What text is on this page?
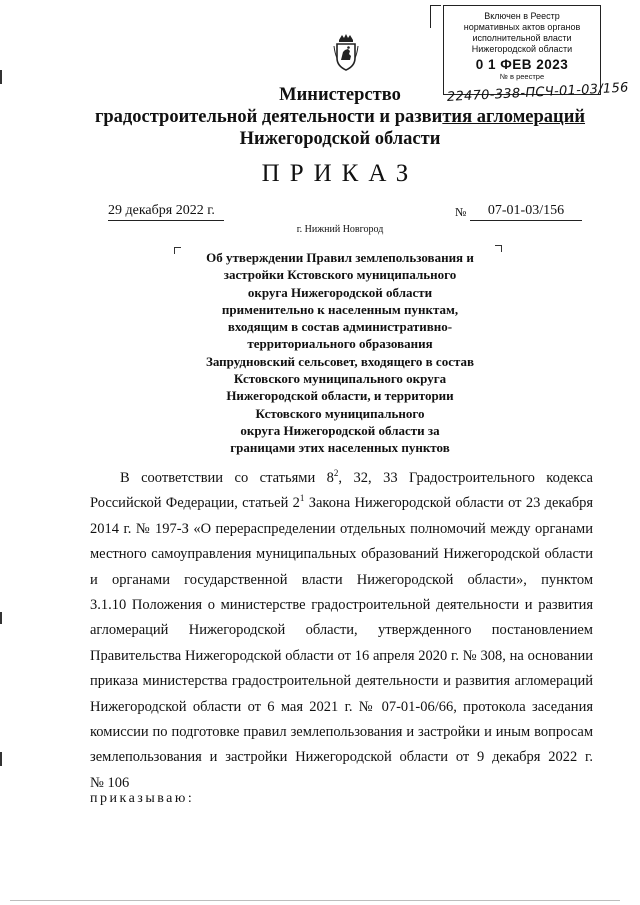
Включен в Реестр
нормативных актов органов
исполнительной власти
Нижегородской области
0 1 ФЕВ 2023
№ в реестре
22470-338-ПСЧ-01-03/156
Министерство
градостроительной деятельности и развития агломераций
Нижегородской области
ПРИКАЗ
29 декабря 2022 г.	№	07-01-03/156
г. Нижний Новгород
Об утверждении Правил землепользования и
застройки Кстовского муниципального
округа Нижегородской области
применительно к населенным пунктам,
входящим в состав административно-
территориального образования
Запрудновский сельсовет, входящего в состав
Кстовского муниципального округа
Нижегородской области, и территории
Кстовского муниципального
округа Нижегородской области за
границами этих населенных пунктов
В соответствии со статьями $8^2$, 32, 33 Градостроительного кодекса
Российской Федерации, статьей $2^1$ Закона Нижегородской области от 23 декабря
2014 г. № 197-З «О перераспределении отдельных полномочий между органами
местного самоуправления муниципальных образований Нижегородской области
и органами государственной власти Нижегородской области», пунктом
3.1.10 Положения о министерстве градостроительной деятельности и развития
агломераций Нижегородской области, утвержденного постановлением
Правительства Нижегородской области от 16 апреля 2020 г. № 308, на основании
приказа министерства градостроительной деятельности и развития агломераций
Нижегородской области от 6 мая 2021 г. № 07-01-06/66, протокола заседания
комиссии по подготовке правил землепользования и застройки и иным вопросам
землепользования и застройки Нижегородской области от 9 декабря 2022 г.
№ 106
приказываю:
